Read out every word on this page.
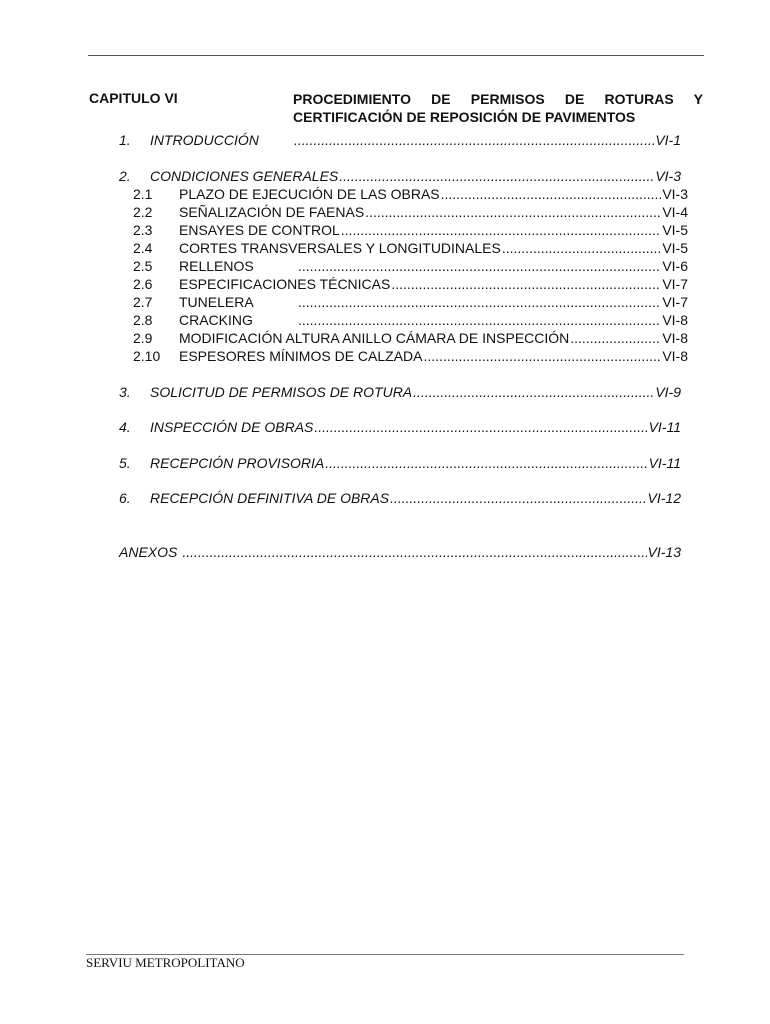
CAPITULO VI	PROCEDIMIENTO DE PERMISOS DE ROTURAS Y
CERTIFICACIÓN DE REPOSICIÓN DE PAVIMENTOS
1.	INTRODUCCIÓN .....	VI-1
2.	CONDICIONES GENERALES .....	VI-3
2.1	PLAZO DE EJECUCIÓN DE LAS OBRAS .....	VI-3
2.2	SEÑALIZACIÓN DE FAENAS .....	VI-4
2.3	ENSAYES DE CONTROL .....	VI-5
2.4	CORTES TRANSVERSALES Y LONGITUDINALES .....	VI-5
2.5	RELLENOS .....	VI-6
2.6	ESPECIFICACIONES TÉCNICAS .....	VI-7
2.7	TUNELERA .....	VI-7
2.8	CRACKING .....	VI-8
2.9	MODIFICACIÓN ALTURA ANILLO CÁMARA DE INSPECCIÓN .....	VI-8
2.10	ESPESORES MÍNIMOS DE CALZADA .....	VI-8
3.	SOLICITUD DE PERMISOS DE ROTURA .....	VI-9
4.	INSPECCIÓN DE OBRAS .....	VI-11
5.	RECEPCIÓN PROVISORIA .....	VI-11
6.	RECEPCIÓN DEFINITIVA DE OBRAS .....	VI-12
ANEXOS .....	VI-13
SERVIU METROPOLITANO
